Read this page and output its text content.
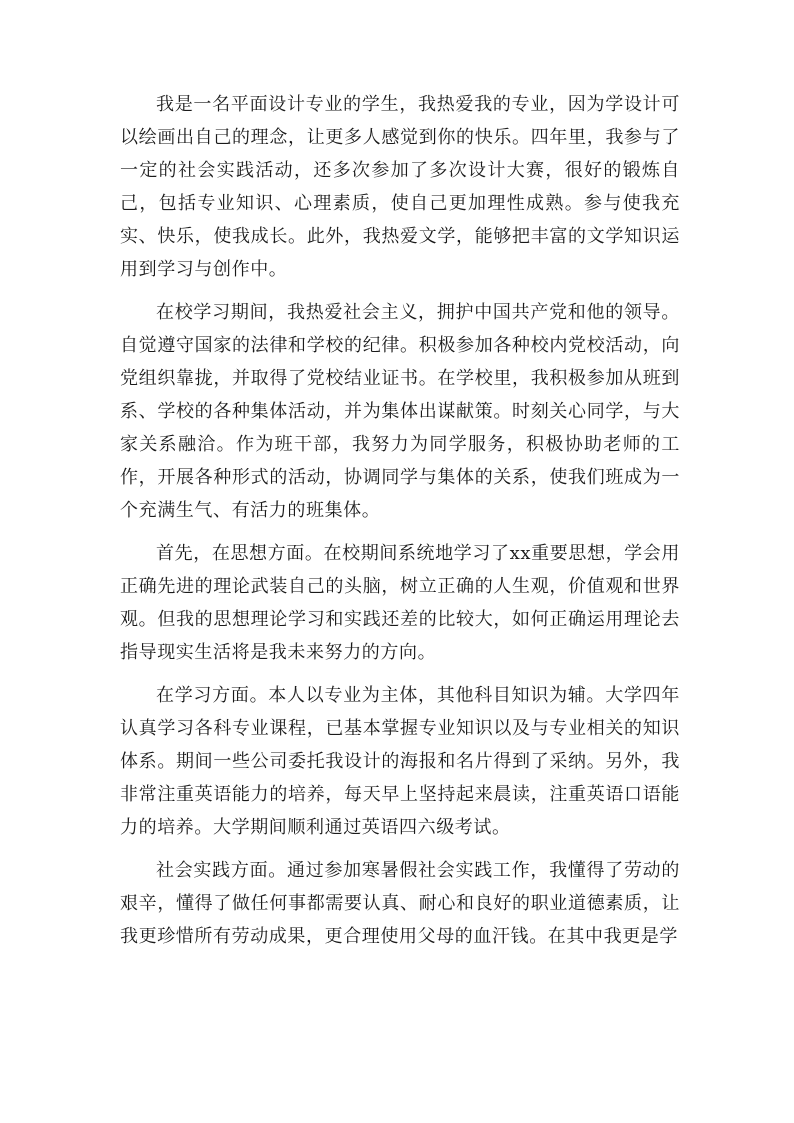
我是一名平面设计专业的学生，我热爱我的专业，因为学设计可以绘画出自己的理念，让更多人感觉到你的快乐。四年里，我参与了一定的社会实践活动，还多次参加了多次设计大赛，很好的锻炼自己，包括专业知识、心理素质，使自己更加理性成熟。参与使我充实、快乐，使我成长。此外，我热爱文学，能够把丰富的文学知识运用到学习与创作中。

在校学习期间，我热爱社会主义，拥护中国共产党和他的领导。自觉遵守国家的法律和学校的纪律。积极参加各种校内党校活动，向党组织靠拢，并取得了党校结业证书。在学校里，我积极参加从班到系、学校的各种集体活动，并为集体出谋献策。时刻关心同学，与大家关系融洽。作为班干部，我努力为同学服务，积极协助老师的工作，开展各种形式的活动，协调同学与集体的关系，使我们班成为一个充满生气、有活力的班集体。

首先，在思想方面。在校期间系统地学习了xx重要思想，学会用正确先进的理论武装自己的头脑，树立正确的人生观，价值观和世界观。但我的思想理论学习和实践还差的比较大，如何正确运用理论去指导现实生活将是我未来努力的方向。

在学习方面。本人以专业为主体，其他科目知识为辅。大学四年认真学习各科专业课程，已基本掌握专业知识以及与专业相关的知识体系。期间一些公司委托我设计的海报和名片得到了采纳。另外，我非常注重英语能力的培养，每天早上坚持起来晨读，注重英语口语能力的培养。大学期间顺利通过英语四六级考试。

社会实践方面。通过参加寒暑假社会实践工作，我懂得了劳动的艰辛，懂得了做任何事都需要认真、耐心和良好的职业道德素质，让我更珍惜所有劳动成果，更合理使用父母的血汗钱。在其中我更是学
